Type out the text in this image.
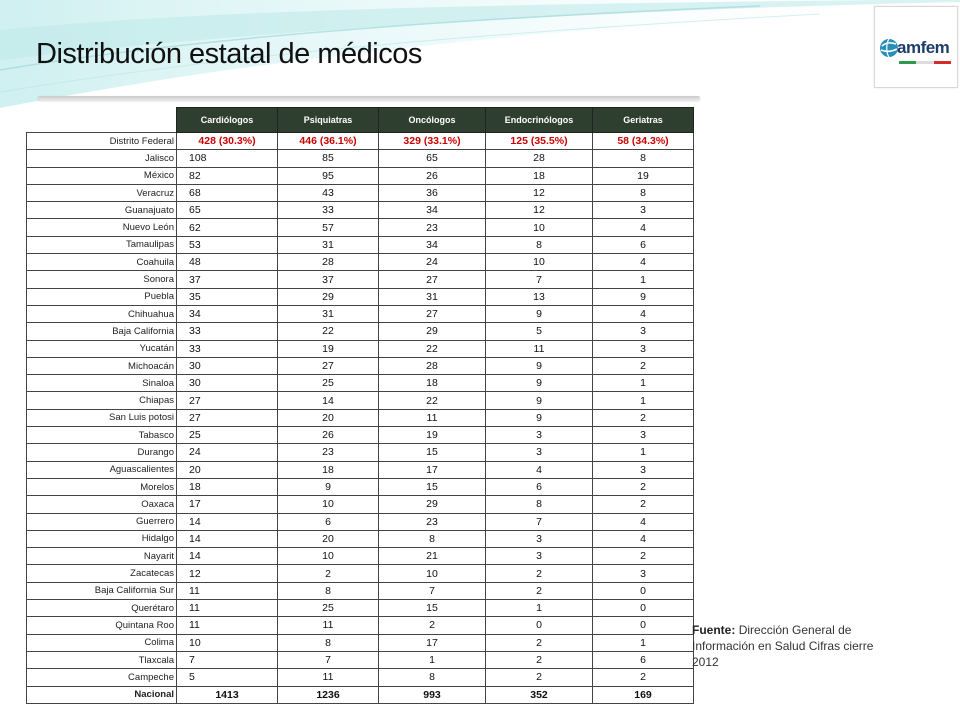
Distribución estatal de médicos	amfem
	Cardiólogos	Psiquiatras	Oncólogos	Endocrinólogos	Geriatras
Distrito Federal	428 (30.3%)	446 (36.1%)	329 (33.1%)	125 (35.5%)	58 (34.3%)
Jalisco	108	85	65	28	8
México	82	95	26	18	19
Veracruz	68	43	36	12	8
Guanajuato	65	33	34	12	3
Nuevo León	62	57	23	10	4
Tamaulipas	53	31	34	8	6
Coahuila	48	28	24	10	4
Sonora	37	37	27	7	1
Puebla	35	29	31	13	9
Chihuahua	34	31	27	9	4
Baja California	33	22	29	5	3
Yucatán	33	19	22	11	3
Michoacán	30	27	28	9	2
Sinaloa	30	25	18	9	1
Chiapas	27	14	22	9	1
San Luis potosi	27	20	11	9	2
Tabasco	25	26	19	3	3
Durango	24	23	15	3	1
Aguascalientes	20	18	17	4	3
Morelos	18	9	15	6	2
Oaxaca	17	10	29	8	2
Guerrero	14	6	23	7	4
Hidalgo	14	20	8	3	4
Nayarit	14	10	21	3	2
Zacatecas	12	2	10	2	3
Baja California Sur	11	8	7	2	0
Querétaro	11	25	15	1	0
Quintana Roo	11	11	2	0	0
Colima	10	8	17	2	1
Tlaxcala	7	7	1	2	6
Campeche	5	11	8	2	2
Nacional	1413	1236	993	352	169
Fuente: Dirección General de Información en Salud Cifras cierre 2012
